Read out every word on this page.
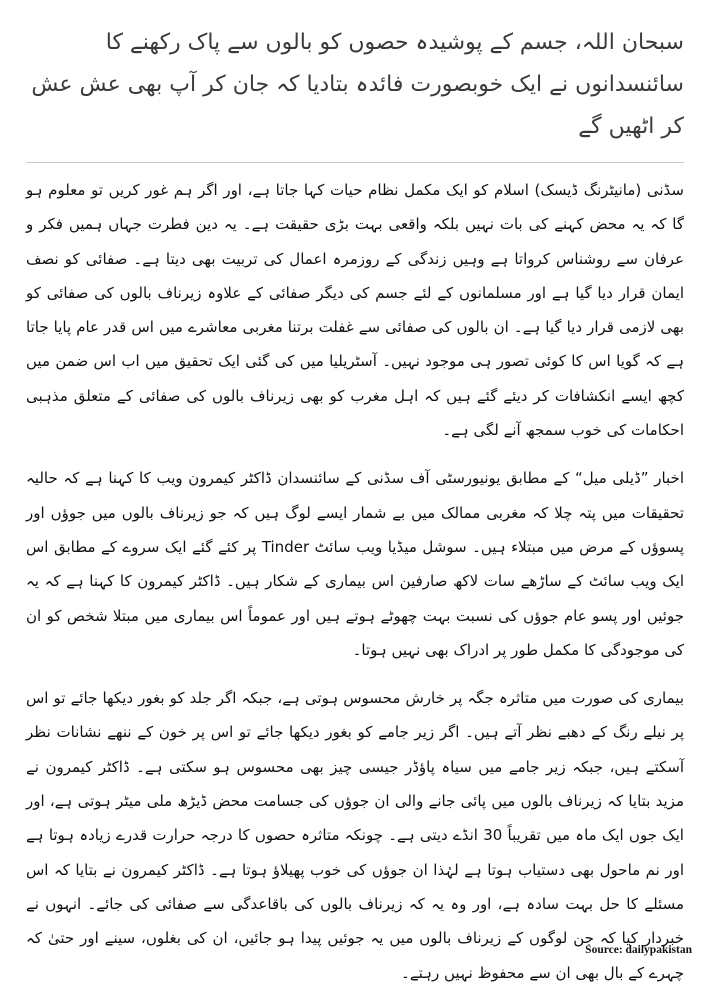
سبحان اللہ، جسم کے پوشیدہ حصوں کو بالوں سے پاک رکھنے کا سائنسدانوں نے ایک خوبصورت فائدہ بتادیا کہ جان کر آپ بھی عش عش کر اٹھیں گے

سڈنی (مانیٹرنگ ڈیسک) اسلام کو ایک مکمل نظام حیات کہا جاتا ہے، اور اگر ہم غور کریں تو معلوم ہو گا کہ یہ محض کہنے کی بات نہیں بلکہ واقعی بہت بڑی حقیقت ہے۔ یہ دین فطرت جہاں ہمیں فکر و عرفان سے روشناس کرواتا ہے وہیں زندگی کے روزمرہ اعمال کی تربیت بھی دیتا ہے۔ صفائی کو نصف ایمان قرار دیا گیا ہے اور مسلمانوں کے لئے جسم کی دیگر صفائی کے علاوہ زیرناف بالوں کی صفائی کو بھی لازمی قرار دیا گیا ہے۔ ان بالوں کی صفائی سے غفلت برتنا مغربی معاشرے میں اس قدر عام پایا جاتا ہے کہ گویا اس کا کوئی تصور ہی موجود نہیں۔ آسٹریلیا میں کی گئی ایک تحقیق میں اب اس ضمن میں کچھ ایسے انکشافات کر دیئے گئے ہیں کہ اہل مغرب کو بھی زیرناف بالوں کی صفائی کے متعلق مذہبی احکامات کی خوب سمجھ آنے لگی ہے۔

اخبار ”ڈیلی میل“ کے مطابق یونیورسٹی آف سڈنی کے سائنسدان ڈاکٹر کیمرون ویب کا کہنا ہے کہ حالیہ تحقیقات میں پتہ چلا کہ مغربی ممالک میں بے شمار ایسے لوگ ہیں کہ جو زیرناف بالوں میں جوؤں اور پسوؤں کے مرض میں مبتلاء ہیں۔ سوشل میڈیا ویب سائٹ Tinder پر کئے گئے ایک سروے کے مطابق اس ایک ویب سائٹ کے ساڑھے سات لاکھ صارفین اس بیماری کے شکار ہیں۔ ڈاکٹر کیمرون کا کہنا ہے کہ یہ جوئیں اور پسو عام جوؤں کی نسبت بہت چھوٹے ہوتے ہیں اور عموماً اس بیماری میں مبتلا شخص کو ان کی موجودگی کا مکمل طور پر ادراک بھی نہیں ہوتا۔

بیماری کی صورت میں متاثرہ جگہ پر خارش محسوس ہوتی ہے، جبکہ اگر جلد کو بغور دیکھا جائے تو اس پر نیلے رنگ کے دھبے نظر آتے ہیں۔ اگر زیر جامے کو بغور دیکھا جائے تو اس پر خون کے ننھے نشانات نظر آسکتے ہیں، جبکہ زیر جامے میں سیاہ پاؤڈر جیسی چیز بھی محسوس ہو سکتی ہے۔ ڈاکٹر کیمرون نے مزید بتایا کہ زیرناف بالوں میں پائی جانے والی ان جوؤں کی جسامت محض ڈیڑھ ملی میٹر ہوتی ہے، اور ایک جوں ایک ماہ میں تقریباً 30 انڈے دیتی ہے۔ چونکہ متاثرہ حصوں کا درجہ حرارت قدرے زیادہ ہوتا ہے اور نم ماحول بھی دستیاب ہوتا ہے لہٰذا ان جوؤں کی خوب پھیلاؤ ہوتا ہے۔ ڈاکٹر کیمرون نے بتایا کہ اس مسئلے کا حل بہت سادہ ہے، اور وہ یہ کہ زیرناف بالوں کی باقاعدگی سے صفائی کی جائے۔ انہوں نے خبردار کیا کہ جن لوگوں کے زیرناف بالوں میں یہ جوئیں پیدا ہو جائیں، ان کی بغلوں، سینے اور حتیٰ کہ چہرے کے بال بھی ان سے محفوظ نہیں رہتے۔

Source: dailypakistan
